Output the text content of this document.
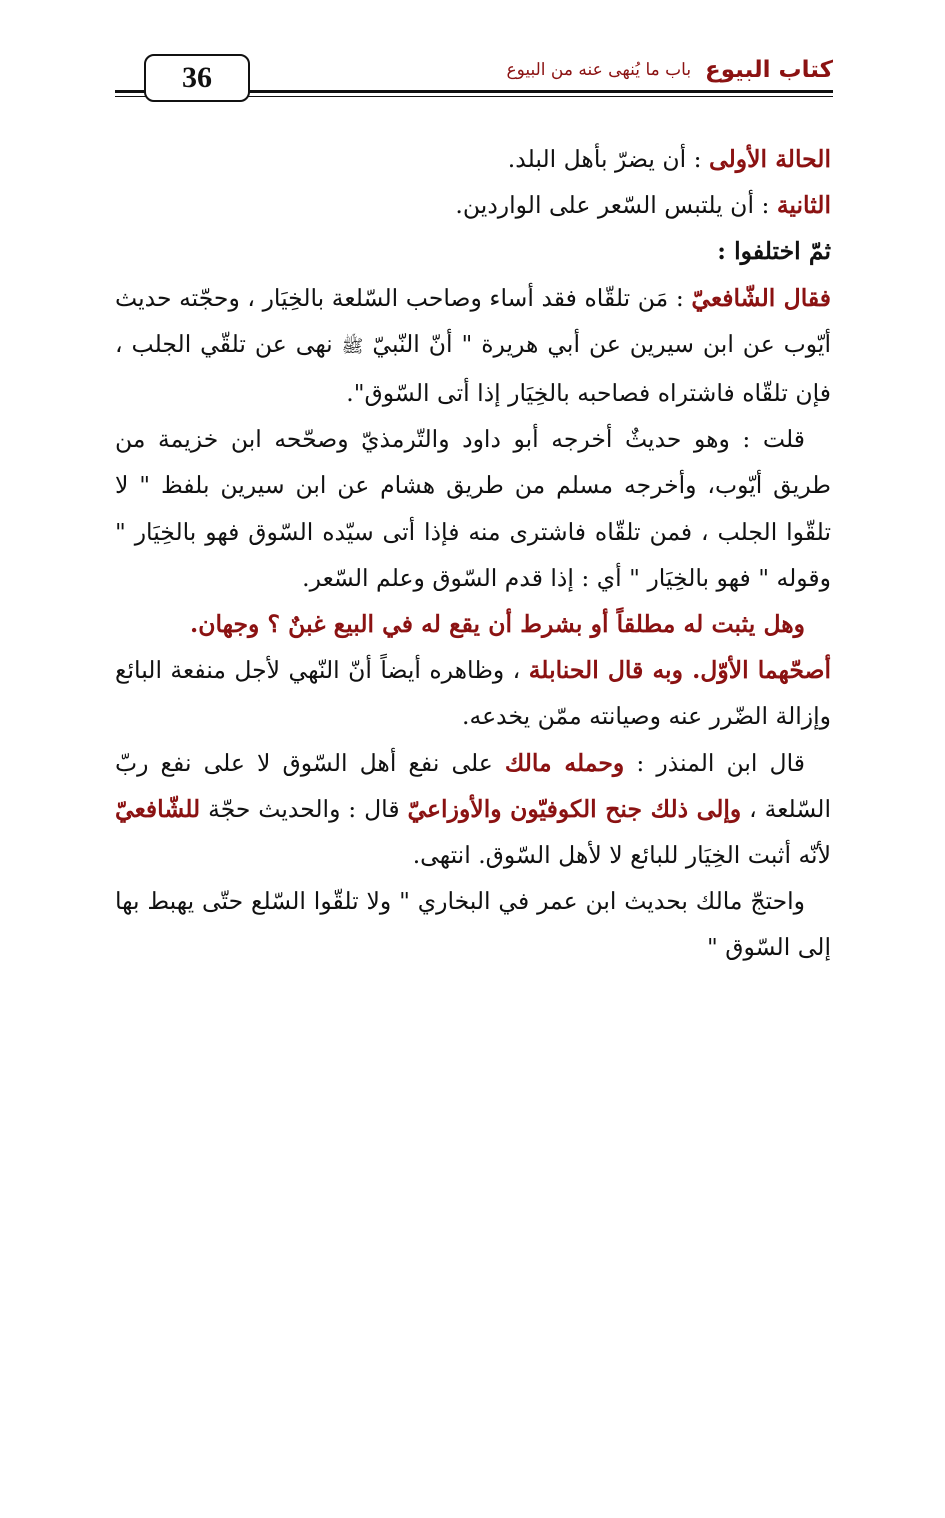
36	كتاب البيوع
باب ما يُنهى عنه من البيوع

الحالة الأولى : أن يضرّ بأهل البلد.

الثانية : أن يلتبس السّعر على الواردين.

ثمّ اختلفوا :

فقال الشّافعيّ : مَن تلقّاه فقد أساء وصاحب السّلعة بالخِيَار ، وحجّته حديث أيّوب عن ابن سيرين عن أبي هريرة " أنّ النّبيّ ﷺ نهى عن تلقّي الجلب ، فإن تلقّاه فاشتراه فصاحبه بالخِيَار إذا أتى السّوق".

قلت : وهو حديثٌ أخرجه أبو داود والتّرمذيّ وصحّحه ابن خزيمة من طريق أيّوب، وأخرجه مسلم من طريق هشام عن ابن سيرين بلفظ " لا تلقّوا الجلب ، فمن تلقّاه فاشترى منه فإذا أتى سيّده السّوق فهو بالخِيَار " وقوله " فهو بالخِيَار " أي : إذا قدم السّوق وعلم السّعر.

وهل يثبت له مطلقاً أو بشرط أن يقع له في البيع غبنٌ ؟ وجهان.

أصحّهما الأوّل. وبه قال الحنابلة ، وظاهره أيضاً أنّ النّهي لأجل منفعة البائع وإزالة الضّرر عنه وصيانته ممّن يخدعه.

قال ابن المنذر : وحمله مالك على نفع أهل السّوق لا على نفع ربّ السّلعة ، وإلى ذلك جنح الكوفيّون والأوزاعيّ قال : والحديث حجّة للشّافعيّ لأنّه أثبت الخِيَار للبائع لا لأهل السّوق. انتهى.

واحتجّ مالك بحديث ابن عمر في البخاري " ولا تلقّوا السّلع حتّى يهبط بها إلى السّوق "
